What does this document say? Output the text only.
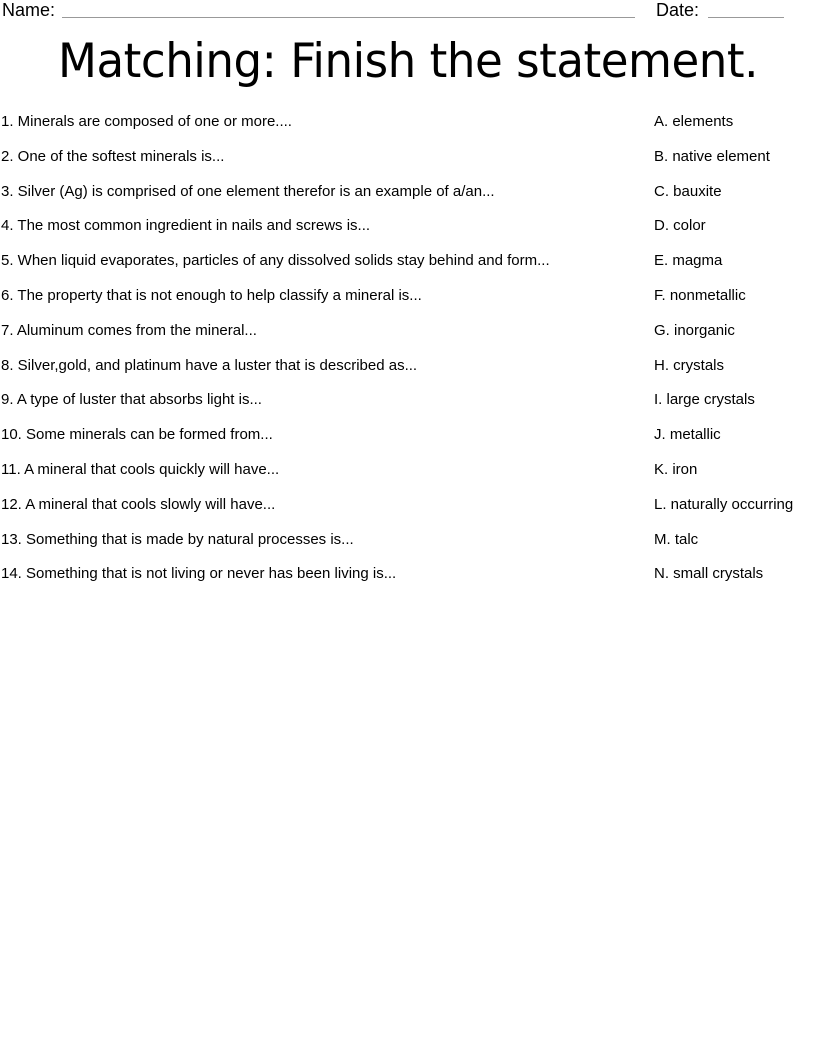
Name:	Date:
Matching: Finish the statement.
1. Minerals are composed of one or more....	A. elements
2. One of the softest minerals is...	B. native element
3. Silver (Ag) is comprised of one element therefor is an example of a/an...	C. bauxite
4. The most common ingredient in nails and screws is...	D. color
5. When liquid evaporates, particles of any dissolved solids stay behind and form...	E. magma
6. The property that is not enough to help classify a mineral is...	F. nonmetallic
7. Aluminum comes from the mineral...	G. inorganic
8. Silver,gold, and platinum have a luster that is described as...	H. crystals
9. A type of luster that absorbs light is...	I. large crystals
10. Some minerals can be formed from...	J. metallic
11. A mineral that cools quickly will have...	K. iron
12. A mineral that cools slowly will have...	L. naturally occurring
13. Something that is made by natural processes is...	M. talc
14. Something that is not living or never has been living is...	N. small crystals
